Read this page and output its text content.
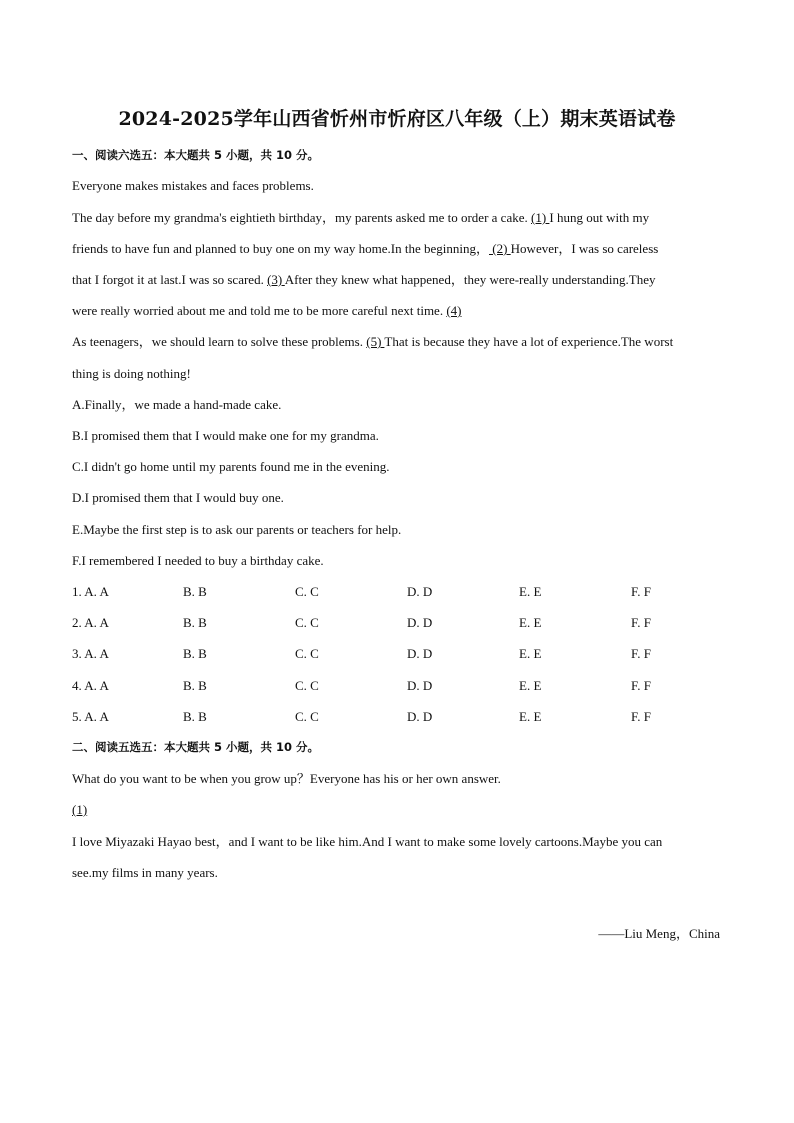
2024-2025学年山西省忻州市忻府区八年级（上）期末英语试卷
一、阅读六选五：本大题共 5 小题，共 10 分。
Everyone makes mistakes and faces problems.
The day before my grandma's eightieth birthday，my parents asked me to order a cake. (1) I hung out with my
friends to have fun and planned to buy one on my way home.In the beginning， (2) However，I was so careless
that I forgot it at last.I was so scared. (3) After they knew what happened，they were-really understanding.They
were really worried about me and told me to be more careful next time. (4)
As teenagers，we should learn to solve these problems. (5) That is because they have a lot of experience.The worst
thing is doing nothing!
A.Finally，we made a hand-made cake.
B.I promised them that I would make one for my grandma.
C.I didn't go home until my parents found me in the evening.
D.I promised them that I would buy one.
E.Maybe the first step is to ask our parents or teachers for help.
F.I remembered I needed to buy a birthday cake.
1. A. A	B. B	C. C	D. D	E. E	F. F
2. A. A	B. B	C. C	D. D	E. E	F. F
3. A. A	B. B	C. C	D. D	E. E	F. F
4. A. A	B. B	C. C	D. D	E. E	F. F
5. A. A	B. B	C. C	D. D	E. E	F. F
二、阅读五选五：本大题共 5 小题，共 10 分。
What do you want to be when you grow up？Everyone has his or her own answer.
(1)
I love Miyazaki Hayao best，and I want to be like him.And I want to make some lovely cartoons.Maybe you can
see.my films in many years.
——Liu Meng，China
